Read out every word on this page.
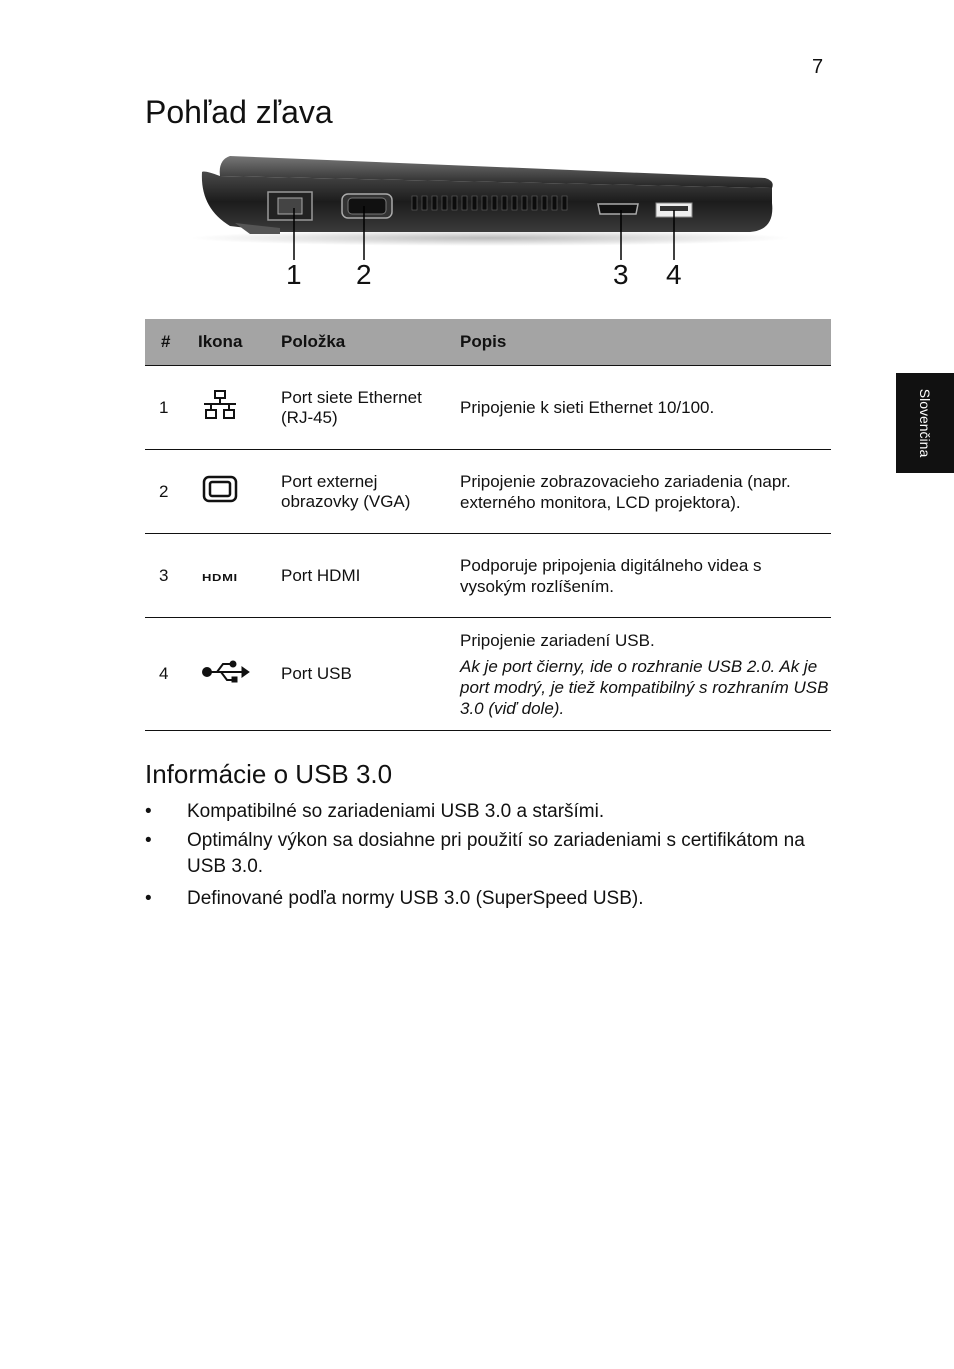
7
Pohľad zľava
Slovenčina
1 2	3 4
#	Ikona	Položka	Popis
1		Port siete Ethernet (RJ-45)	Pripojenie k sieti Ethernet 10/100.

2		Port externej obrazovky (VGA)	Pripojenie zobrazovacieho zariadenia (napr. externého monitora, LCD projektora).

3	HDMI	Port HDMI	Podporuje pripojenia digitálneho videa s vysokým rozlíšením.

4		Port USB	Pripojenie zariadení USB.

Ak je port čierny, ide o rozhranie USB 2.0. Ak je port modrý, je tiež kompatibilný s rozhraním USB 3.0 (viď dole).

Informácie o USB 3.0
• Kompatibilné so zariadeniami USB 3.0 a staršími.
• Optimálny výkon sa dosiahne pri použití so zariadeniami s certifikátom na USB 3.0.
• Definované podľa normy USB 3.0 (SuperSpeed USB).
